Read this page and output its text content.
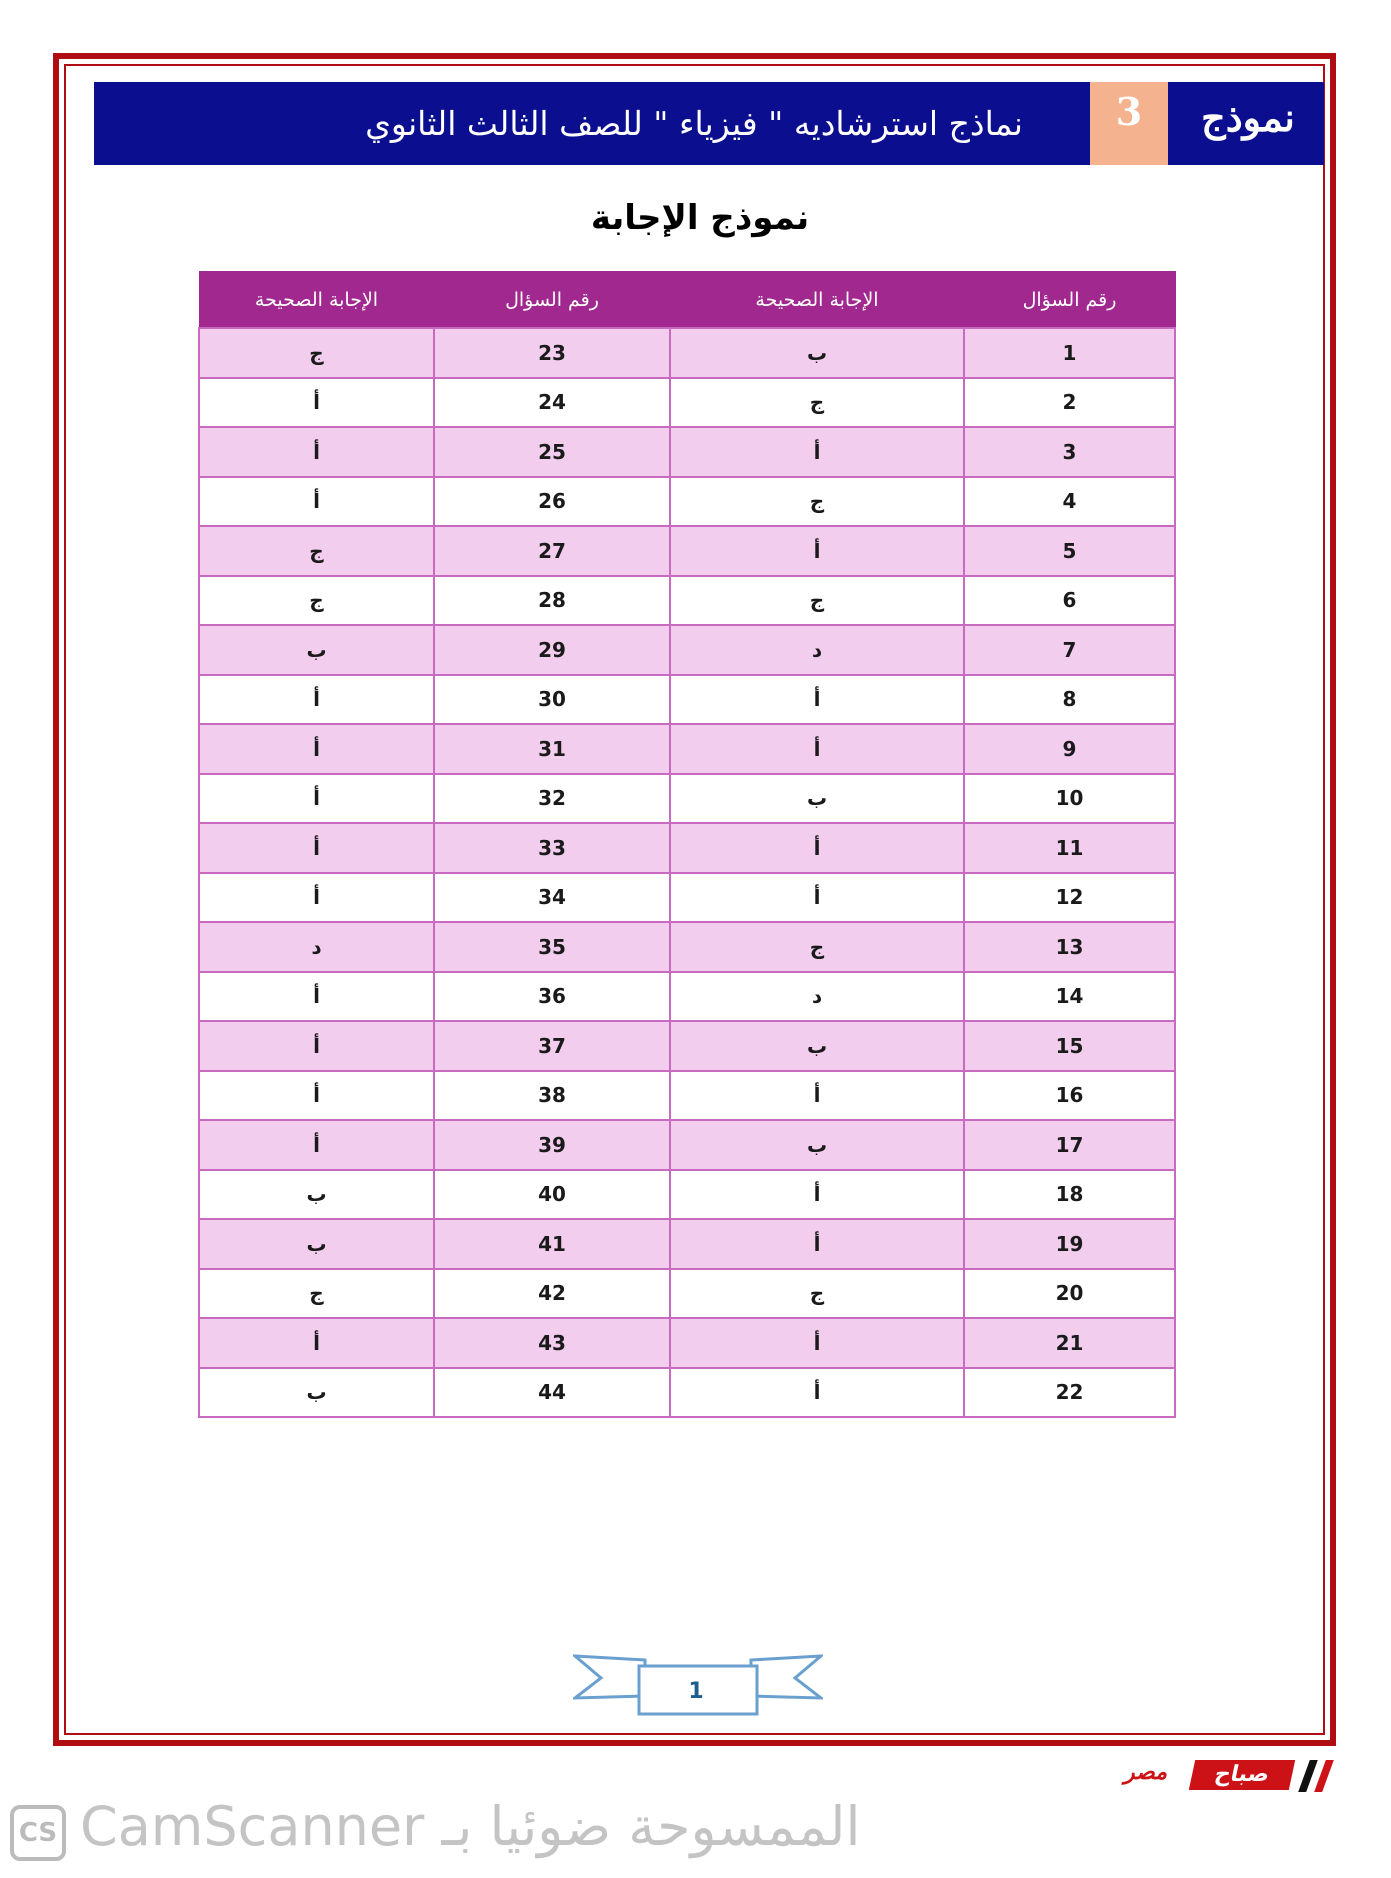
نماذج استرشاديه " فيزياء " للصف الثالث الثانوي	3	نموذج
نموذج الإجابة
رقم السؤال	الإجابة الصحيحة	رقم السؤال	الإجابة الصحيحة
1	ب	23	ج
2	ج	24	أ
3	أ	25	أ
4	ج	26	أ
5	أ	27	ج
6	ج	28	ج
7	د	29	ب
8	أ	30	أ
9	أ	31	أ
10	ب	32	أ
11	أ	33	أ
12	أ	34	أ
13	ج	35	د
14	د	36	أ
15	ب	37	أ
16	أ	38	أ
17	ب	39	أ
18	أ	40	ب
19	أ	41	ب
20	ج	42	ج
21	أ	43	أ
22	أ	44	ب
1
مصر	صباح
CS الممسوحة ضوئيا بـ CamScanner
